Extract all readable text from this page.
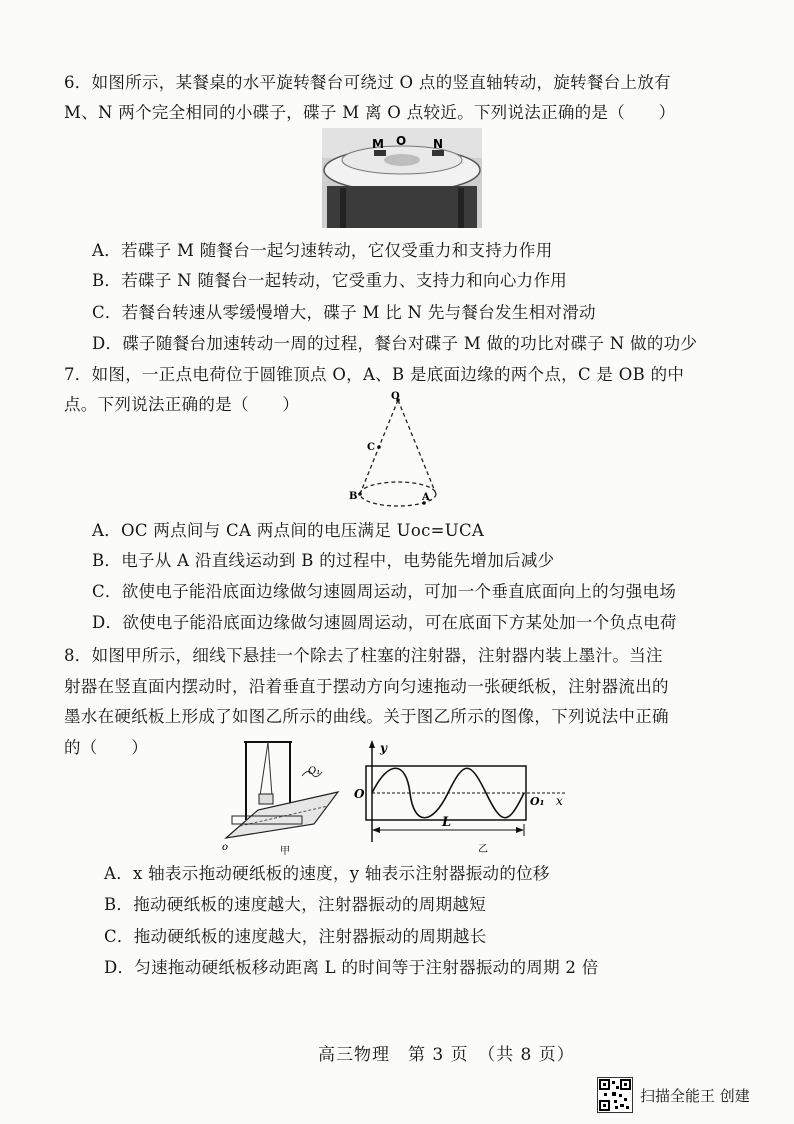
6．如图所示，某餐桌的水平旋转餐台可绕过 O 点的竖直轴转动，旋转餐台上放有
M、N 两个完全相同的小碟子，碟子 M 离 O 点较近。下列说法正确的是（　　）
M O N
A．若碟子 M 随餐台一起匀速转动，它仅受重力和支持力作用
B．若碟子 N 随餐台一起转动，它受重力、支持力和向心力作用
C．若餐台转速从零缓慢增大，碟子 M 比 N 先与餐台发生相对滑动
D．碟子随餐台加速转动一周的过程，餐台对碟子 M 做的功比对碟子 N 做的功少
7．如图，一正点电荷位于圆锥顶点 O，A、B 是底面边缘的两个点，C 是 OB 的中
点。下列说法正确的是（　　）	O
C
B	A
A．OC 两点间与 CA 两点间的电压满足 Uoc=UCA
B．电子从 A 沿直线运动到 B 的过程中，电势能先增加后减少
C．欲使电子能沿底面边缘做匀速圆周运动，可加一个垂直底面向上的匀强电场
D．欲使电子能沿底面边缘做匀速圆周运动，可在底面下方某处加一个负点电荷
8．如图甲所示，细线下悬挂一个除去了柱塞的注射器，注射器内装上墨汁。当注
射器在竖直面内摆动时，沿着垂直于摆动方向匀速拖动一张硬纸板，注射器流出的
墨水在硬纸板上形成了如图乙所示的曲线。关于图乙所示的图像，下列说法中正确
的（　　）
O₁
o	甲
y
O
O₁ x
L
乙
A．x 轴表示拖动硬纸板的速度，y 轴表示注射器振动的位移
B．拖动硬纸板的速度越大，注射器振动的周期越短
C．拖动硬纸板的速度越大，注射器振动的周期越长
D．匀速拖动硬纸板移动距离 L 的时间等于注射器振动的周期 2 倍
高三物理　第 3 页　（共 8 页）
扫描全能王 创建
